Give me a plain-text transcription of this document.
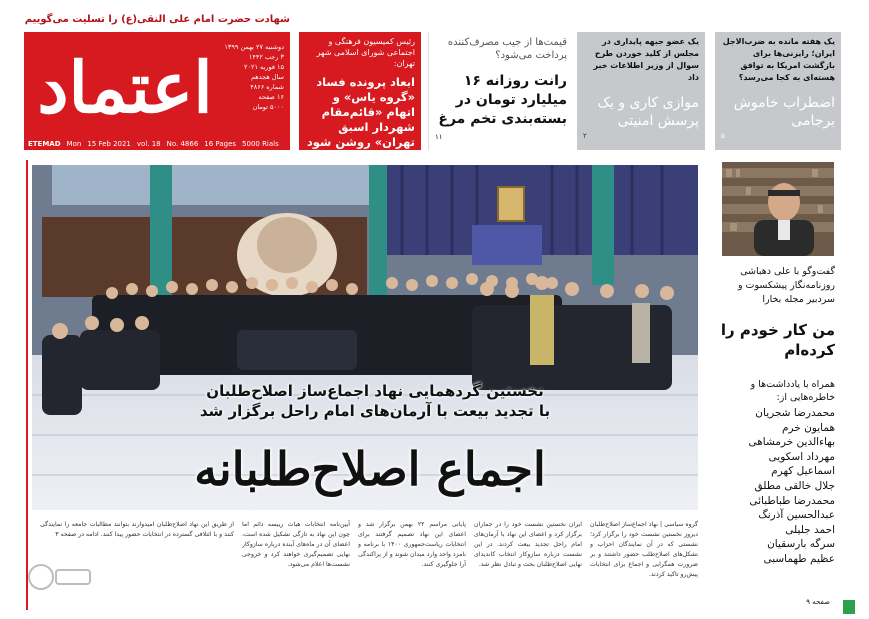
شهادت حضرت امام علی النقی(ع) را تسلیت می‌گوییم
اعتماد	دوشنبه ۲۷ بهمن ۱۳۹۹
۳ رجب ۱۴۴۲
۱۵ فوریه ۲۰۲۱
سال هجدهم
شماره ۴۸۶۶
۱۶ صفحه
۵۰۰۰ تومان
ETEMAD Mon 15 Feb 2021 vol. 18 No. 4866 16 Pages 5000 Rials
رئیس کمیسیون فرهنگی و اجتماعی شورای اسلامی شهر تهران:
ابعاد پرونده فساد «گروه یاس» و اتهام «قائم‌مقام شهردار اسبق تهران» روشن شود
۱۷
قیمت‌ها از جیب مصرف‌کننده پرداخت می‌شود؟
رانت روزانه ۱۶ میلیارد تومان در بسته‌بندی تخم مرغ
۱۱
یک عضو جبهه پایداری در مجلس از کلید خوردن طرح سوال از وزیر اطلاعات خبر داد
موازی کاری و یک پرسش امنیتی
۲
یک هفته مانده به ضرب‌الاجل ایران؛ رایزنی‌ها برای بازگشت امریکا به توافق هسته‌ای به کجا می‌رسد؟
اضطراب خاموش برجامی
۵
نخستین گردهمایی نهاد اجماع‌ساز اصلاح‌طلبان
با تجدید بیعت با آرمان‌های امام راحل برگزار شد
اجماع اصلاح‌طلبانه
گروه سیاسی | نهاد اجماع‌ساز اصلاح‌طلبان دیروز نخستین نشست خود را برگزار کرد؛ نشستی که در آن نمایندگان احزاب و تشکل‌های اصلاح‌طلب حضور داشتند و بر ضرورت همگرایی و اجماع برای انتخابات پیش‌رو تاکید کردند.
ایران نخستین نشست خود را در جماران برگزار کرد و اعضای این نهاد با آرمان‌های امام راحل تجدید بیعت کردند. در این نشست درباره سازوکار انتخاب کاندیدای نهایی اصلاح‌طلبان بحث و تبادل نظر شد.
پایانی مراسم ۲۲ بهمن برگزار شد و اعضای این نهاد تصمیم گرفتند برای انتخابات ریاست‌جمهوری ۱۴۰۰ با برنامه و نامزد واحد وارد میدان شوند و از پراکندگی آرا جلوگیری کنند.
آیین‌نامه انتخابات هیات رییسه دائم اما چون این نهاد به تازگی تشکیل شده است، اعضای آن در ماه‌های آینده درباره سازوکار نهایی تصمیم‌گیری خواهند کرد و خروجی نشست‌ها اعلام می‌شود.
از طریق این نهاد اصلاح‌طلبان امیدوارند بتوانند مطالبات جامعه را نمایندگی کنند و با ائتلافی گسترده در انتخابات حضور پیدا کنند. ادامه در صفحه ۳
گفت‌وگو با علی دهباشی روزنامه‌نگار پیشکسوت و سردبیر مجله بخارا
من کار خودم را کرده‌ام
همراه با یادداشت‌ها و خاطره‌هایی از:
محمدرضا شجریان
همایون خرم
بهاءالدین خرمشاهی
مهرداد اسکویی
اسماعیل کهرم
جلال خالقی مطلق
محمدرضا طباطبائی
عبدالحسین آذرنگ
احمد جلیلی
سرگه بارسقیان
عظیم طهماسبی
صفحه ۹
